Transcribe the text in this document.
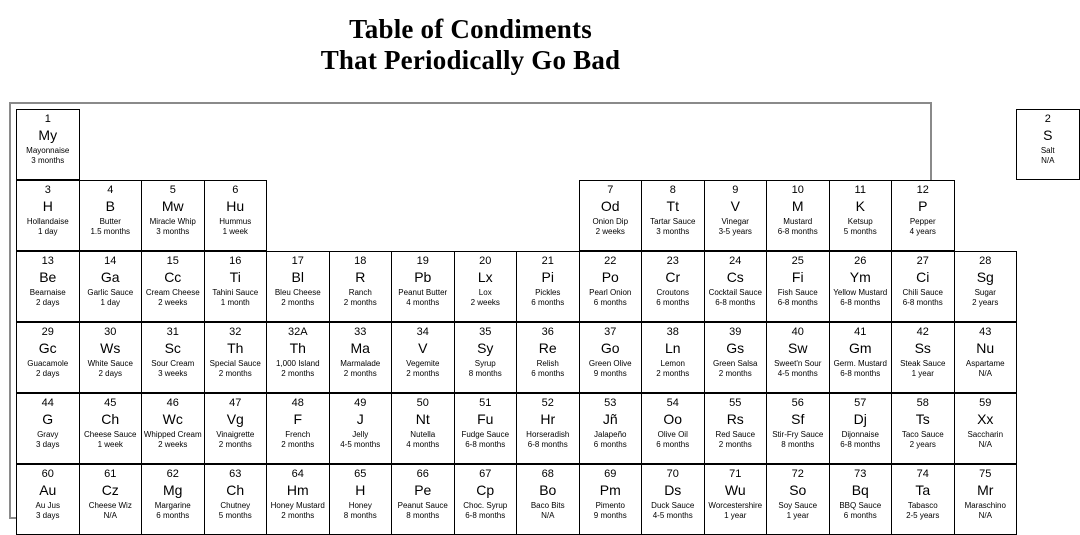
Table of Condiments
That Periodically Go Bad
1
My
Mayonnaise
3 months
2
S
Salt
N/A
3
H
Hollandaise
1 day
4
B
Butter
1.5 months
5
Mw
Miracle Whip
3 months
6
Hu
Hummus
1 week
7
Od
Onion Dip
2 weeks
8
Tt
Tartar Sauce
3 months
9
V
Vinegar
3-5 years
10
M
Mustard
6-8 months
11
K
Ketsup
5 months
12
P
Pepper
4 years
13
Be
Bearnaise
2 days
14
Ga
Garlic Sauce
1 day
15
Cc
Cream Cheese
2 weeks
16
Ti
Tahini Sauce
1 month
17
Bl
Bleu Cheese
2 months
18
R
Ranch
2 months
19
Pb
Peanut Butter
4 months
20
Lx
Lox
2 weeks
21
Pi
Pickles
6 months
22
Po
Pearl Onion
6 months
23
Cr
Croutons
6 months
24
Cs
Cocktail Sauce
6-8 months
25
Fi
Fish Sauce
6-8 months
26
Ym
Yellow Mustard
6-8 months
27
Ci
Chili Sauce
6-8 months
28
Sg
Sugar
2 years
29
Gc
Guacamole
2 days
30
Ws
White Sauce
2 days
31
Sc
Sour Cream
3 weeks
32
Th
Special Sauce
2 months
32A
Th
1,000 Island
2 months
33
Ma
Marmalade
2 months
34
V
Vegemite
2 months
35
Sy
Syrup
8 months
36
Re
Relish
6 months
37
Go
Green Olive
9 months
38
Ln
Lemon
2 months
39
Gs
Green Salsa
2 months
40
Sw
Sweet'n Sour
4-5 months
41
Gm
Germ. Mustard
6-8 months
42
Ss
Steak Sauce
1 year
43
Nu
Aspartame
N/A
44
G
Gravy
3 days
45
Ch
Cheese Sauce
1 week
46
Wc
Whipped Cream
2 weeks
47
Vg
Vinaigrette
2 months
48
F
French
2 months
49
J
Jelly
4-5 months
50
Nt
Nutella
4 months
51
Fu
Fudge Sauce
6-8 months
52
Hr
Horseradish
6-8 months
53
Jñ
Jalapeño
6 months
54
Oo
Olive Oil
6 months
55
Rs
Red Sauce
2 months
56
Sf
Stir-Fry Sauce
8 months
57
Dj
Dijonnaise
6-8 months
58
Ts
Taco Sauce
2 years
59
Xx
Saccharin
N/A
60
Au
Au Jus
3 days
61
Cz
Cheese Wiz
N/A
62
Mg
Margarine
6 months
63
Ch
Chutney
5 months
64
Hm
Honey Mustard
2 months
65
H
Honey
8 months
66
Pe
Peanut Sauce
8 months
67
Cp
Choc. Syrup
6-8 months
68
Bo
Baco Bits
N/A
69
Pm
Pimento
9 months
70
Ds
Duck Sauce
4-5 months
71
Wu
Worcestershire
1 year
72
So
Soy Sauce
1 year
73
Bq
BBQ Sauce
6 months
74
Ta
Tabasco
2-5 years
75
Mr
Maraschino
N/A
